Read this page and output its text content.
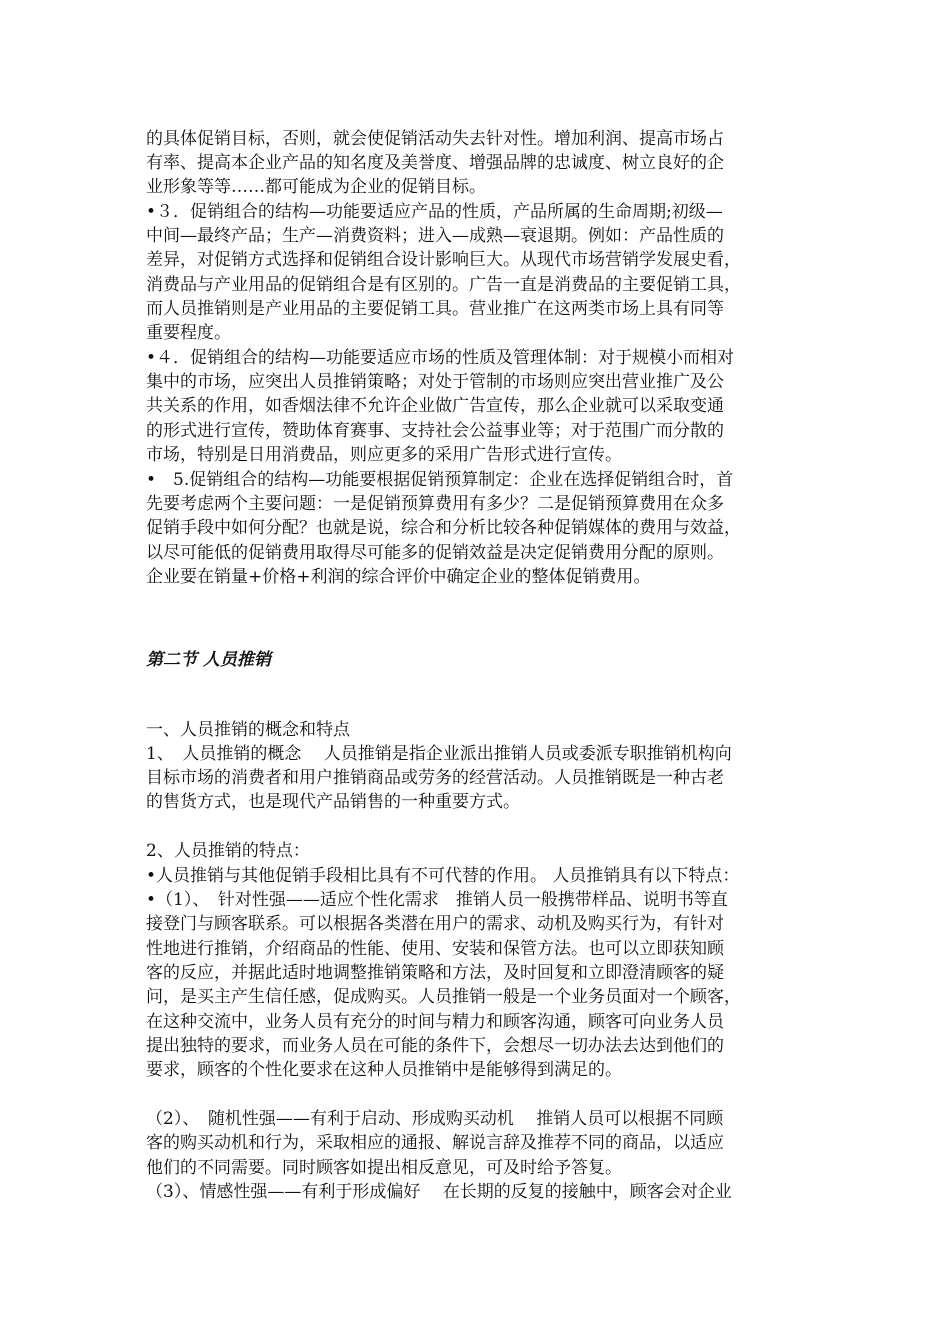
的具体促销目标，否则，就会使促销活动失去针对性。增加利润、提高市场占
有率、提高本企业产品的知名度及美誉度、增强品牌的忠诚度、树立良好的企
业形象等等……都可能成为企业的促销目标。
•３．促销组合的结构—功能要适应产品的性质，产品所属的生命周期;初级—
中间—最终产品；生产—消费资料；进入—成熟—衰退期。例如：产品性质的
差异，对促销方式选择和促销组合设计影响巨大。从现代市场营销学发展史看，
消费品与产业用品的促销组合是有区别的。广告一直是消费品的主要促销工具，
而人员推销则是产业用品的主要促销工具。营业推广在这两类市场上具有同等
重要程度。
•４．促销组合的结构—功能要适应市场的性质及管理体制：对于规模小而相对
集中的市场，应突出人员推销策略；对处于管制的市场则应突出营业推广及公
共关系的作用，如香烟法律不允许企业做广告宣传，那么企业就可以采取变通
的形式进行宣传，赞助体育赛事、支持社会公益事业等；对于范围广而分散的
市场，特别是日用消费品，则应更多的采用广告形式进行宣传。
•　5.促销组合的结构—功能要根据促销预算制定：企业在选择促销组合时，首
先要考虑两个主要问题：一是促销预算费用有多少？二是促销预算费用在众多
促销手段中如何分配？也就是说，综合和分析比较各种促销媒体的费用与效益，
以尽可能低的促销费用取得尽可能多的促销效益是决定促销费用分配的原则。
企业要在销量+价格+利润的综合评价中确定企业的整体促销费用。
第二节 人员推销
一、人员推销的概念和特点
1、　人员推销的概念　 人员推销是指企业派出推销人员或委派专职推销机构向
目标市场的消费者和用户推销商品或劳务的经营活动。人员推销既是一种古老
的售货方式，也是现代产品销售的一种重要方式。
2、人员推销的特点：
•人员推销与其他促销手段相比具有不可代替的作用。 人员推销具有以下特点：
•（1）、　针对性强——适应个性化需求　推销人员一般携带样品、说明书等直
接登门与顾客联系。可以根据各类潜在用户的需求、动机及购买行为，有针对
性地进行推销，介绍商品的性能、使用、安装和保管方法。也可以立即获知顾
客的反应，并据此适时地调整推销策略和方法，及时回复和立即澄清顾客的疑
问，是买主产生信任感，促成购买。人员推销一般是一个业务员面对一个顾客，
在这种交流中，业务人员有充分的时间与精力和顾客沟通，顾客可向业务人员
提出独特的要求，而业务人员在可能的条件下，会想尽一切办法去达到他们的
要求，顾客的个性化要求在这种人员推销中是能够得到满足的。
（2）、　随机性强——有利于启动、形成购买动机　 推销人员可以根据不同顾
客的购买动机和行为，采取相应的通报、解说言辞及推荐不同的商品，以适应
他们的不同需要。同时顾客如提出相反意见，可及时给予答复。
（3）、情感性强——有利于形成偏好　 在长期的反复的接触中，顾客会对企业
